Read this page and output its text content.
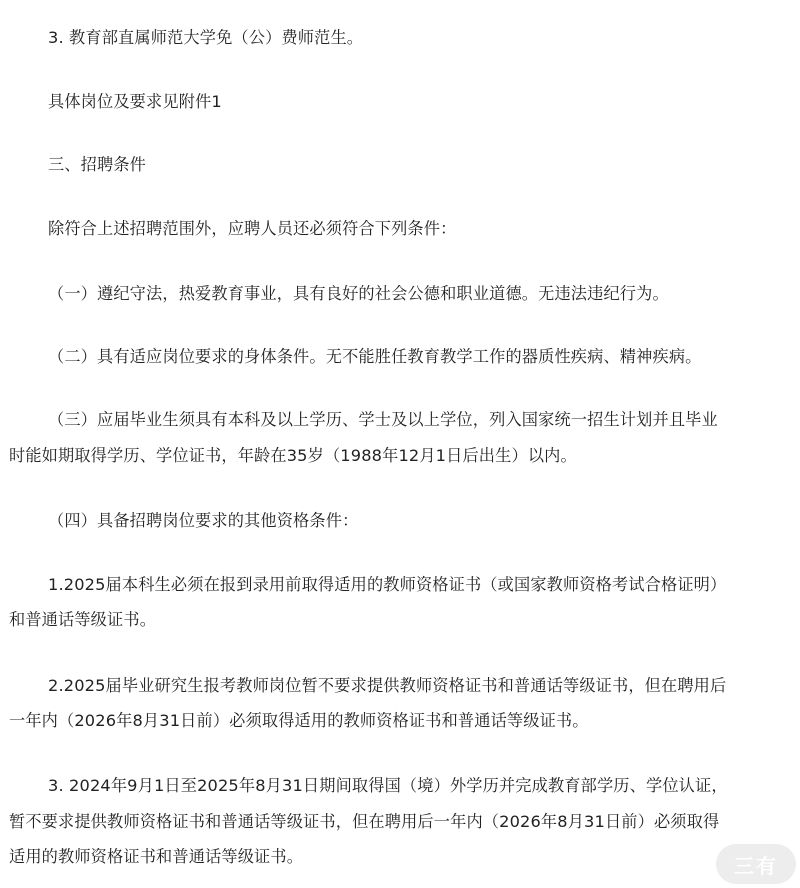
3. 教育部直属师范大学免（公）费师范生。

具体岗位及要求见附件1

三、招聘条件

除符合上述招聘范围外，应聘人员还必须符合下列条件：

（一）遵纪守法，热爱教育事业，具有良好的社会公德和职业道德。无违法违纪行为。

（二）具有适应岗位要求的身体条件。无不能胜任教育教学工作的器质性疾病、精神疾病。

（三）应届毕业生须具有本科及以上学历、学士及以上学位，列入国家统一招生计划并且毕业

时能如期取得学历、学位证书，年龄在35岁（1988年12月1日后出生）以内。

（四）具备招聘岗位要求的其他资格条件：

1.2025届本科生必须在报到录用前取得适用的教师资格证书（或国家教师资格考试合格证明）

和普通话等级证书。

2.2025届毕业研究生报考教师岗位暂不要求提供教师资格证书和普通话等级证书，但在聘用后

一年内（2026年8月31日前）必须取得适用的教师资格证书和普通话等级证书。

3. 2024年9月1日至2025年8月31日期间取得国（境）外学历并完成教育部学历、学位认证，

暂不要求提供教师资格证书和普通话等级证书，但在聘用后一年内（2026年8月31日前）必须取得

适用的教师资格证书和普通话等级证书。	三有
